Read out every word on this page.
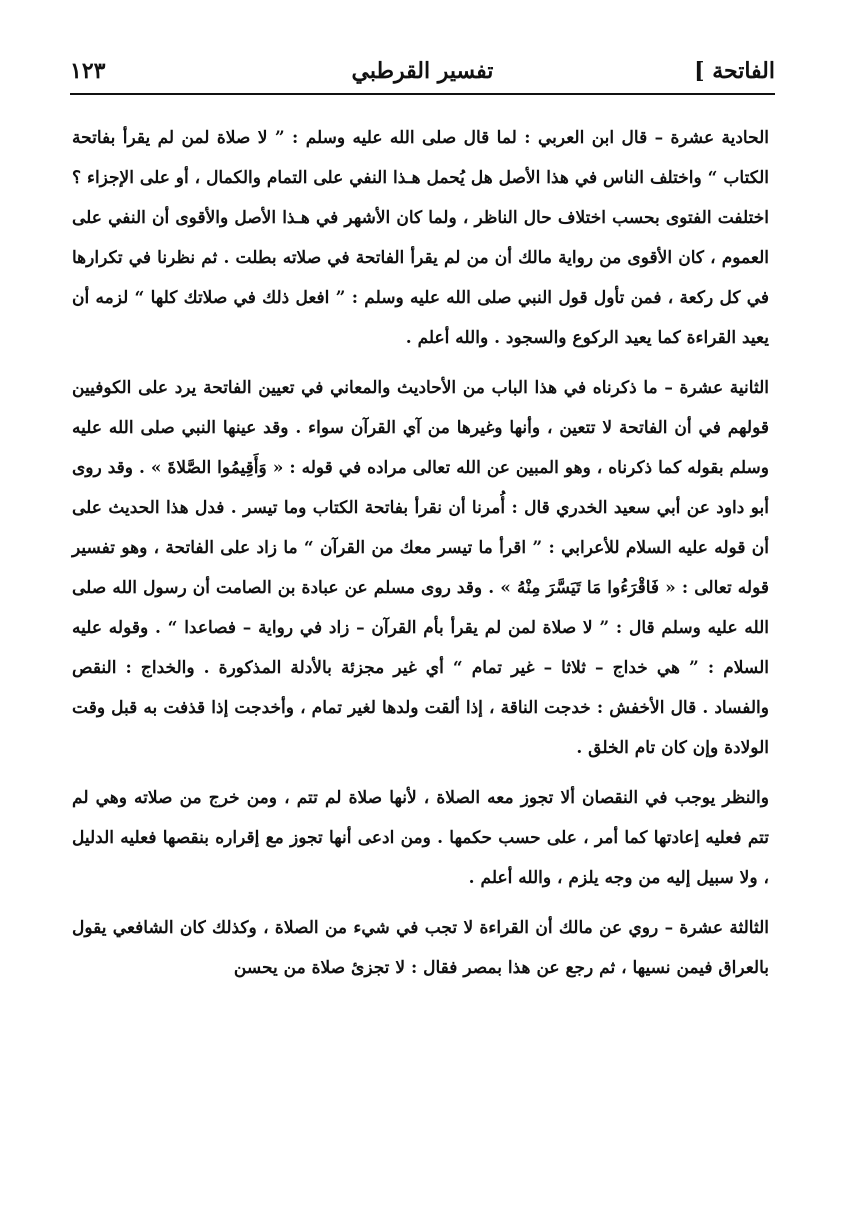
الفاتحة ]
تفسير القرطبي
١٢٣

الحادية عشرة – قال ابن العربي : لما قال صلى الله عليه وسلم : ” لا صلاة لمن لم يقرأ بفاتحة الكتاب “ واختلف الناس في هذا الأصل هل يُحمل هـذا النفي على التمام والكمال ، أو على الإجزاء ؟ اختلفت الفتوى بحسب اختلاف حال الناظر ، ولما كان الأشهر في هـذا الأصل والأقوى أن النفي على العموم ، كان الأقوى من رواية مالك أن من لم يقرأ الفاتحة في صلاته بطلت . ثم نظرنا في تكرارها في كل ركعة ، فمن تأول قول النبي صلى الله عليه وسلم : ” افعل ذلك في صلاتك كلها “ لزمه أن يعيد القراءة كما يعيد الركوع والسجود . والله أعلم .

الثانية عشرة – ما ذكرناه في هذا الباب من الأحاديث والمعاني في تعيين الفاتحة يرد على الكوفيين قولهم في أن الفاتحة لا تتعين ، وأنها وغيرها من آي القرآن سواء . وقد عينها النبي صلى الله عليه وسلم بقوله كما ذكرناه ، وهو المبين عن الله تعالى مراده في قوله : « وَأَقِيمُوا الصَّلاةَ » . وقد روى أبو داود عن أبي سعيد الخدري قال : أُمرنا أن نقرأ بفاتحة الكتاب وما تيسر . فدل هذا الحديث على أن قوله عليه السلام للأعرابي : ” اقرأ ما تيسر معك من القرآن “ ما زاد على الفاتحة ، وهو تفسير قوله تعالى : « فَاقْرَءُوا مَا تَيَسَّرَ مِنْهُ » . وقد روى مسلم عن عبادة بن الصامت أن رسول الله صلى الله عليه وسلم قال : ” لا صلاة لمن لم يقرأ بأم القرآن – زاد في رواية – فصاعدا “ . وقوله عليه السلام : ” هي خداج – ثلاثا – غير تمام “ أي غير مجزئة بالأدلة المذكورة . والخداج : النقص والفساد . قال الأخفش : خدجت الناقة ، إذا ألقت ولدها لغير تمام ، وأخدجت إذا قذفت به قبل وقت الولادة وإن كان تام الخلق .

والنظر يوجب في النقصان ألا تجوز معه الصلاة ، لأنها صلاة لم تتم ، ومن خرج من صلاته وهي لم تتم فعليه إعادتها كما أمر ، على حسب حكمها . ومن ادعى أنها تجوز مع إقراره بنقصها فعليه الدليل ، ولا سبيل إليه من وجه يلزم ، والله أعلم .

الثالثة عشرة – روي عن مالك أن القراءة لا تجب في شيء من الصلاة ، وكذلك كان الشافعي يقول بالعراق فيمن نسيها ، ثم رجع عن هذا بمصر فقال : لا تجزئ صلاة من يحسن
